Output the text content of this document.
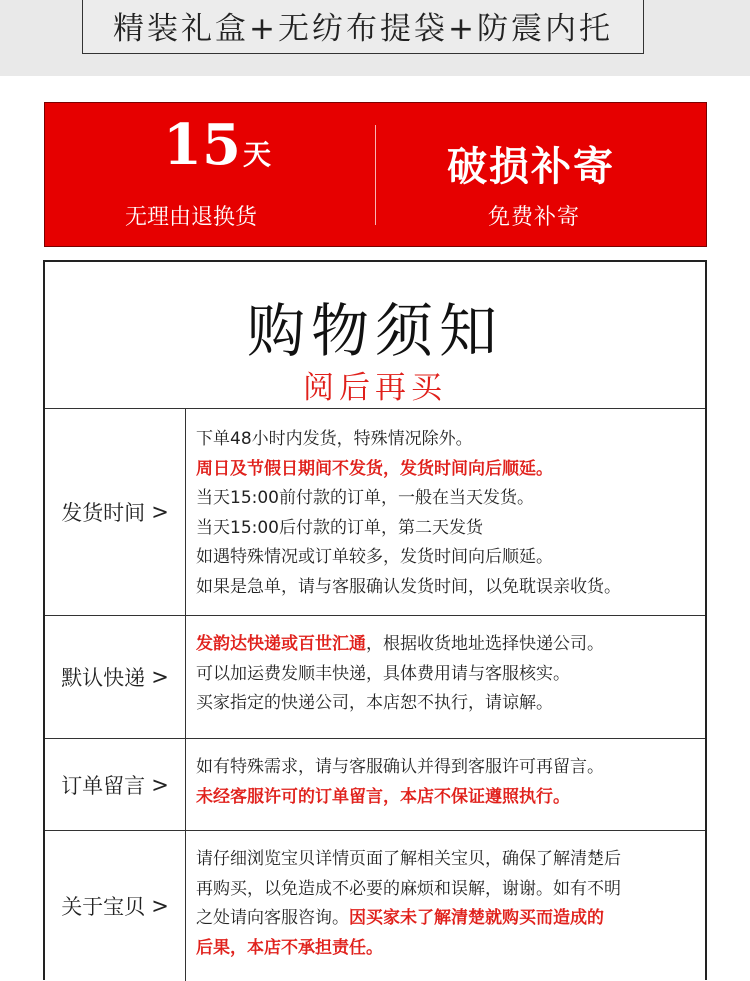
精装礼盒+无纺布提袋+防震内托
15天
无理由退换货
破损补寄
免费补寄
购物须知
阅后再买
发货时间 >
下单48小时内发货，特殊情况除外。
周日及节假日期间不发货，发货时间向后顺延。
当天15:00前付款的订单，一般在当天发货。
当天15:00后付款的订单，第二天发货
如遇特殊情况或订单较多，发货时间向后顺延。
如果是急单，请与客服确认发货时间，以免耽误亲收货。
默认快递 >
发韵达快递或百世汇通，根据收货地址选择快递公司。
可以加运费发顺丰快递，具体费用请与客服核实。
买家指定的快递公司，本店恕不执行，请谅解。
订单留言 >
如有特殊需求，请与客服确认并得到客服许可再留言。
未经客服许可的订单留言，本店不保证遵照执行。
关于宝贝 >
请仔细浏览宝贝详情页面了解相关宝贝，确保了解清楚后
再购买，以免造成不必要的麻烦和误解，谢谢。如有不明
之处请向客服咨询。因买家未了解清楚就购买而造成的
后果，本店不承担责任。
